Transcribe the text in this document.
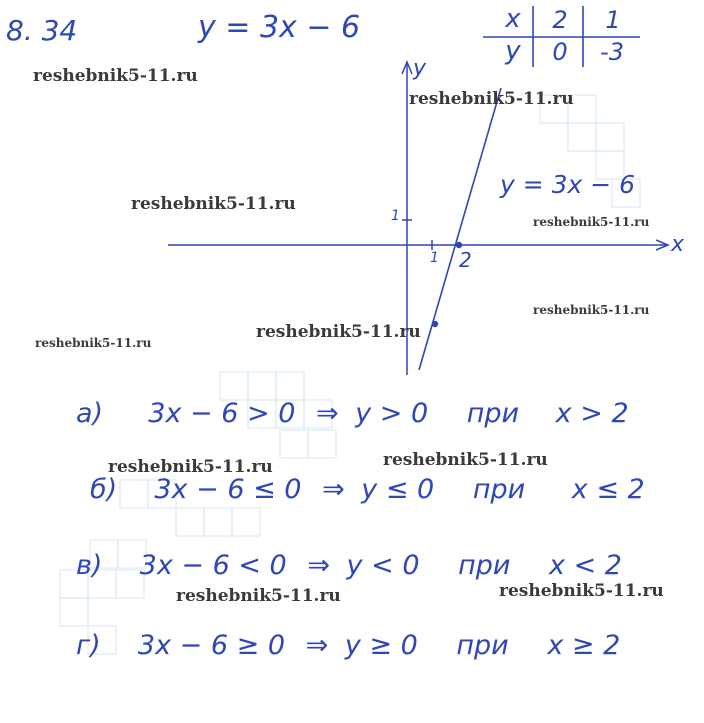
8. 34	y = 3x − 6	x	2	1
y	0	-3
y
x
1
1 2
y = 3x − 6
а) 3x − 6 > 0 ⇒ y > 0 при x > 2
б) 3x − 6 ≤ 0 ⇒ y ≤ 0 при x ≤ 2
в) 3x − 6 < 0 ⇒ y < 0 при x < 2
г) 3x − 6 ≥ 0 ⇒ y ≥ 0 при x ≥ 2
reshebnik5-11.ru
reshebnik5-11.ru
reshebnik5-11.ru
reshebnik5-11.ru
reshebnik5-11.ru
reshebnik5-11.ru
reshebnik5-11.ru
reshebnik5-11.ru	reshebnik5-11.ru
reshebnik5-11.ru	reshebnik5-11.ru
